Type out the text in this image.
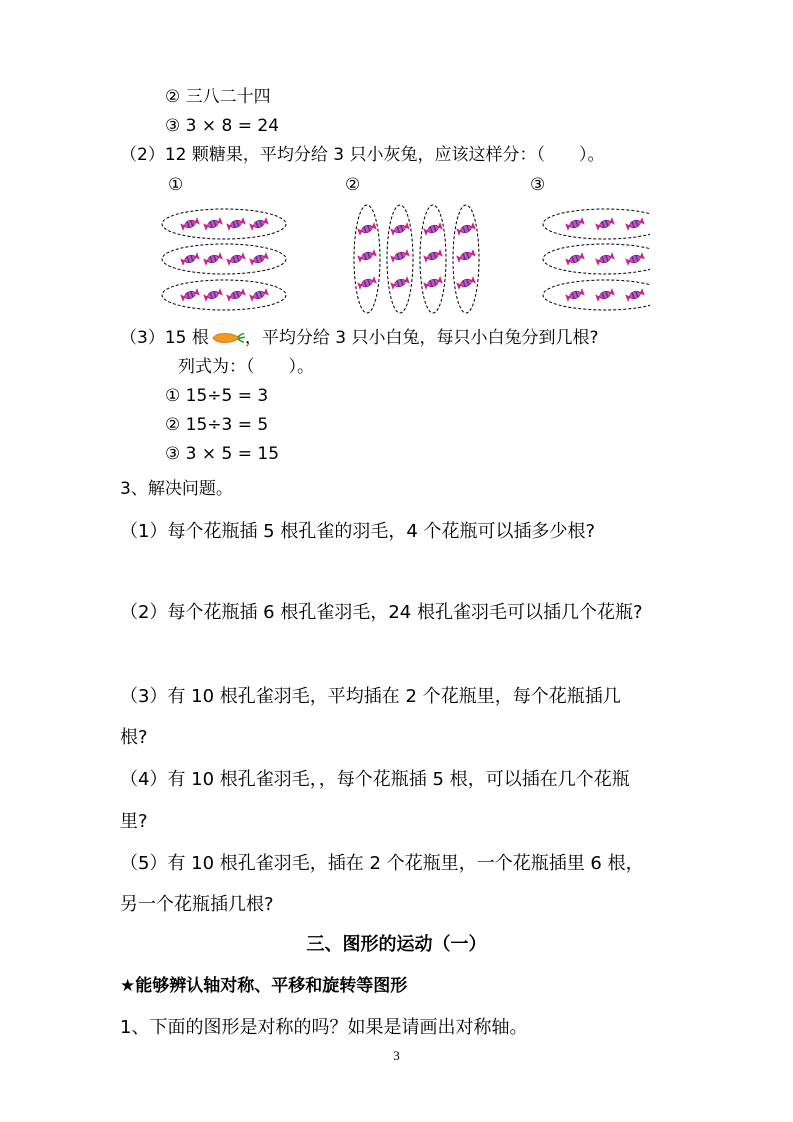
② 三八二十四
③ 3 × 8 = 24
（2）12 颗糖果，平均分给 3 只小灰兔，应该这样分：（　　）。
①	②	③
（3）15 根 ，平均分给 3 只小白兔，每只小白兔分到几根?
列式为：（　　）。
① 15÷5 = 3
② 15÷3 = 5
③ 3 × 5 = 15
3、解决问题。
（1）每个花瓶插 5 根孔雀的羽毛，4 个花瓶可以插多少根?
（2）每个花瓶插 6 根孔雀羽毛，24 根孔雀羽毛可以插几个花瓶?
（3）有 10 根孔雀羽毛，平均插在 2 个花瓶里，每个花瓶插几
根?
（4）有 10 根孔雀羽毛，，每个花瓶插 5 根，可以插在几个花瓶
里?
（5）有 10 根孔雀羽毛，插在 2 个花瓶里，一个花瓶插里 6 根，
另一个花瓶插几根?
三、图形的运动（一）
★能够辨认轴对称、平移和旋转等图形
1、下面的图形是对称的吗？如果是请画出对称轴。
3
